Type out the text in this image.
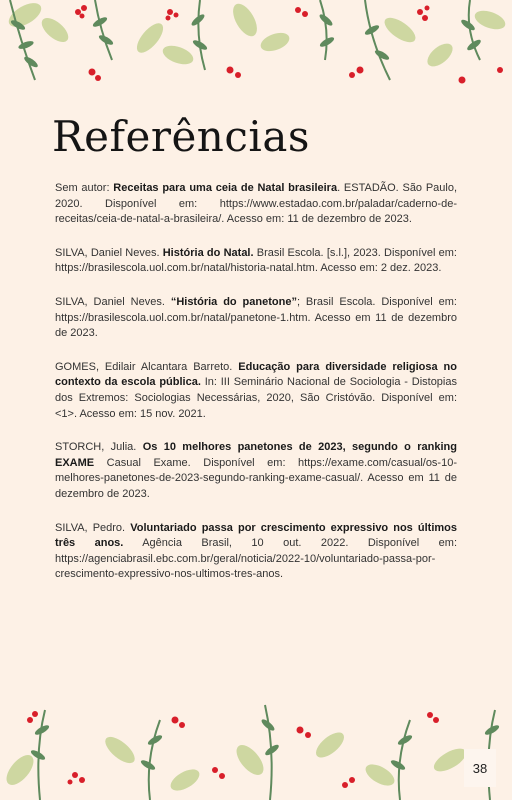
Referências

Sem autor: Receitas para uma ceia de Natal brasileira. ESTADÃO. São Paulo, 2020. Disponível em: https://www.estadao.com.br/paladar/caderno-de-receitas/ceia-de-natal-a-brasileira/. Acesso em: 11 de dezembro de 2023.

SILVA, Daniel Neves. História do Natal. Brasil Escola. [s.l.], 2023. Disponível em: https://brasilescola.uol.com.br/natal/historia-natal.htm. Acesso em: 2 dez. 2023.

SILVA, Daniel Neves. “História do panetone”; Brasil Escola. Disponível em: https://brasilescola.uol.com.br/natal/panetone-1.htm. Acesso em 11 de dezembro de 2023.

GOMES, Edilair Alcantara Barreto. Educação para diversidade religiosa no contexto da escola pública. In: III Seminário Nacional de Sociologia - Distopias dos Extremos: Sociologias Necessárias, 2020, São Cristóvão. Disponível em: <1>. Acesso em: 15 nov. 2021.

STORCH, Julia. Os 10 melhores panetones de 2023, segundo o ranking EXAME Casual Exame. Disponível em: https://exame.com/casual/os-10-melhores-panetones-de-2023-segundo-ranking-exame-casual/. Acesso em 11 de dezembro de 2023.

SILVA, Pedro. Voluntariado passa por crescimento expressivo nos últimos três anos. Agência Brasil, 10 out. 2022. Disponível em: https://agenciabrasil.ebc.com.br/geral/noticia/2022-10/voluntariado-passa-por-crescimento-expressivo-nos-ultimos-tres-anos.

38
